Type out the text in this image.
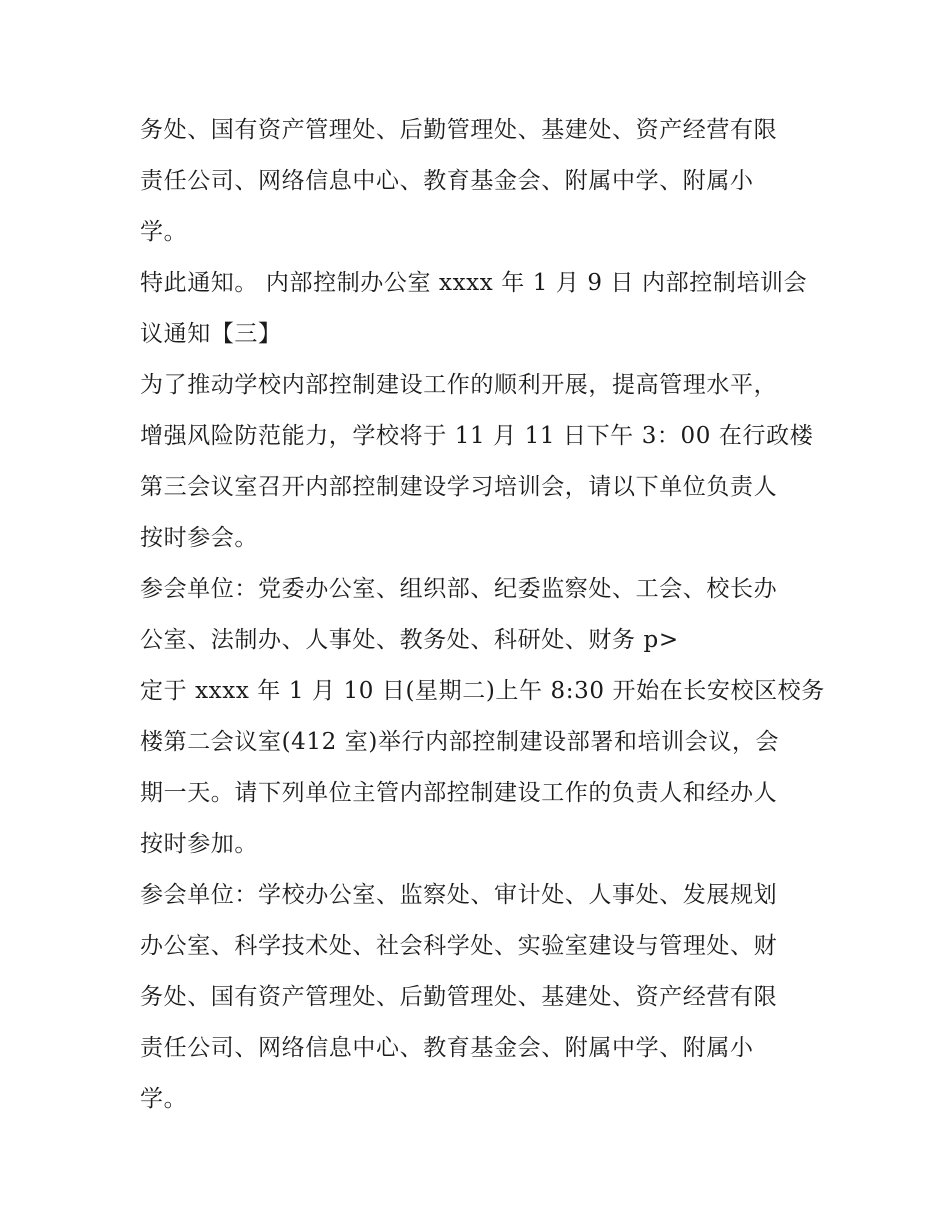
务处、国有资产管理处、后勤管理处、基建处、资产经营有限

责任公司、网络信息中心、教育基金会、附属中学、附属小

学。

特此通知。 内部控制办公室 xxxx 年 1 月 9 日 内部控制培训会

议通知【三】

为了推动学校内部控制建设工作的顺利开展，提高管理水平，

增强风险防范能力，学校将于 11 月 11 日下午 3：00 在行政楼

第三会议室召开内部控制建设学习培训会，请以下单位负责人

按时参会。

参会单位：党委办公室、组织部、纪委监察处、工会、校长办

公室、法制办、人事处、教务处、科研处、财务 p>

定于 xxxx 年 1 月 10 日(星期二)上午 8:30 开始在长安校区校务

楼第二会议室(412 室)举行内部控制建设部署和培训会议，会

期一天。请下列单位主管内部控制建设工作的负责人和经办人

按时参加。

参会单位：学校办公室、监察处、审计处、人事处、发展规划

办公室、科学技术处、社会科学处、实验室建设与管理处、财

务处、国有资产管理处、后勤管理处、基建处、资产经营有限

责任公司、网络信息中心、教育基金会、附属中学、附属小

学。
